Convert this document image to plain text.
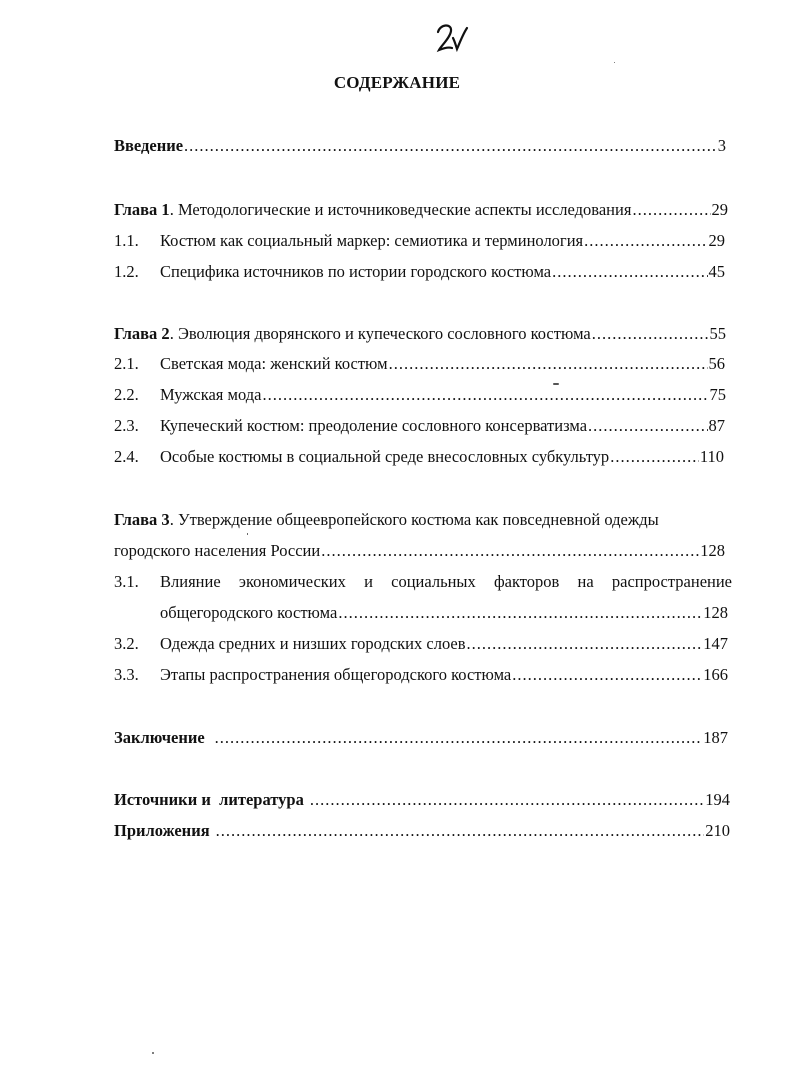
СОДЕРЖАНИЕ
Введение .....	3
Глава 1. Методологические и источниковедческие аспекты исследования .....	29
1.1. Костюм как социальный маркер: семиотика и терминология .....	29
1.2. Специфика источников по истории городского костюма .....	45
Глава 2. Эволюция дворянского и купеческого сословного костюма .....	55
2.1. Светская мода: женский костюм .....	56
2.2. Мужская мода .....	75
2.3. Купеческий костюм: преодоление сословного консерватизма .....	87
2.4. Особые костюмы в социальной среде внесословных субкультур .....	110
Глава 3. Утверждение общеевропейского костюма как повседневной одежды
городского населения России .....	128
3.1. Влияние экономических и социальных факторов на распространение
общегородского костюма .....	128
3.2. Одежда средних и низших городских слоев .....	147
3.3. Этапы распространения общегородского костюма .....	166
Заключение .....	187
Источники и  литература .....	194
Приложения .....	210
